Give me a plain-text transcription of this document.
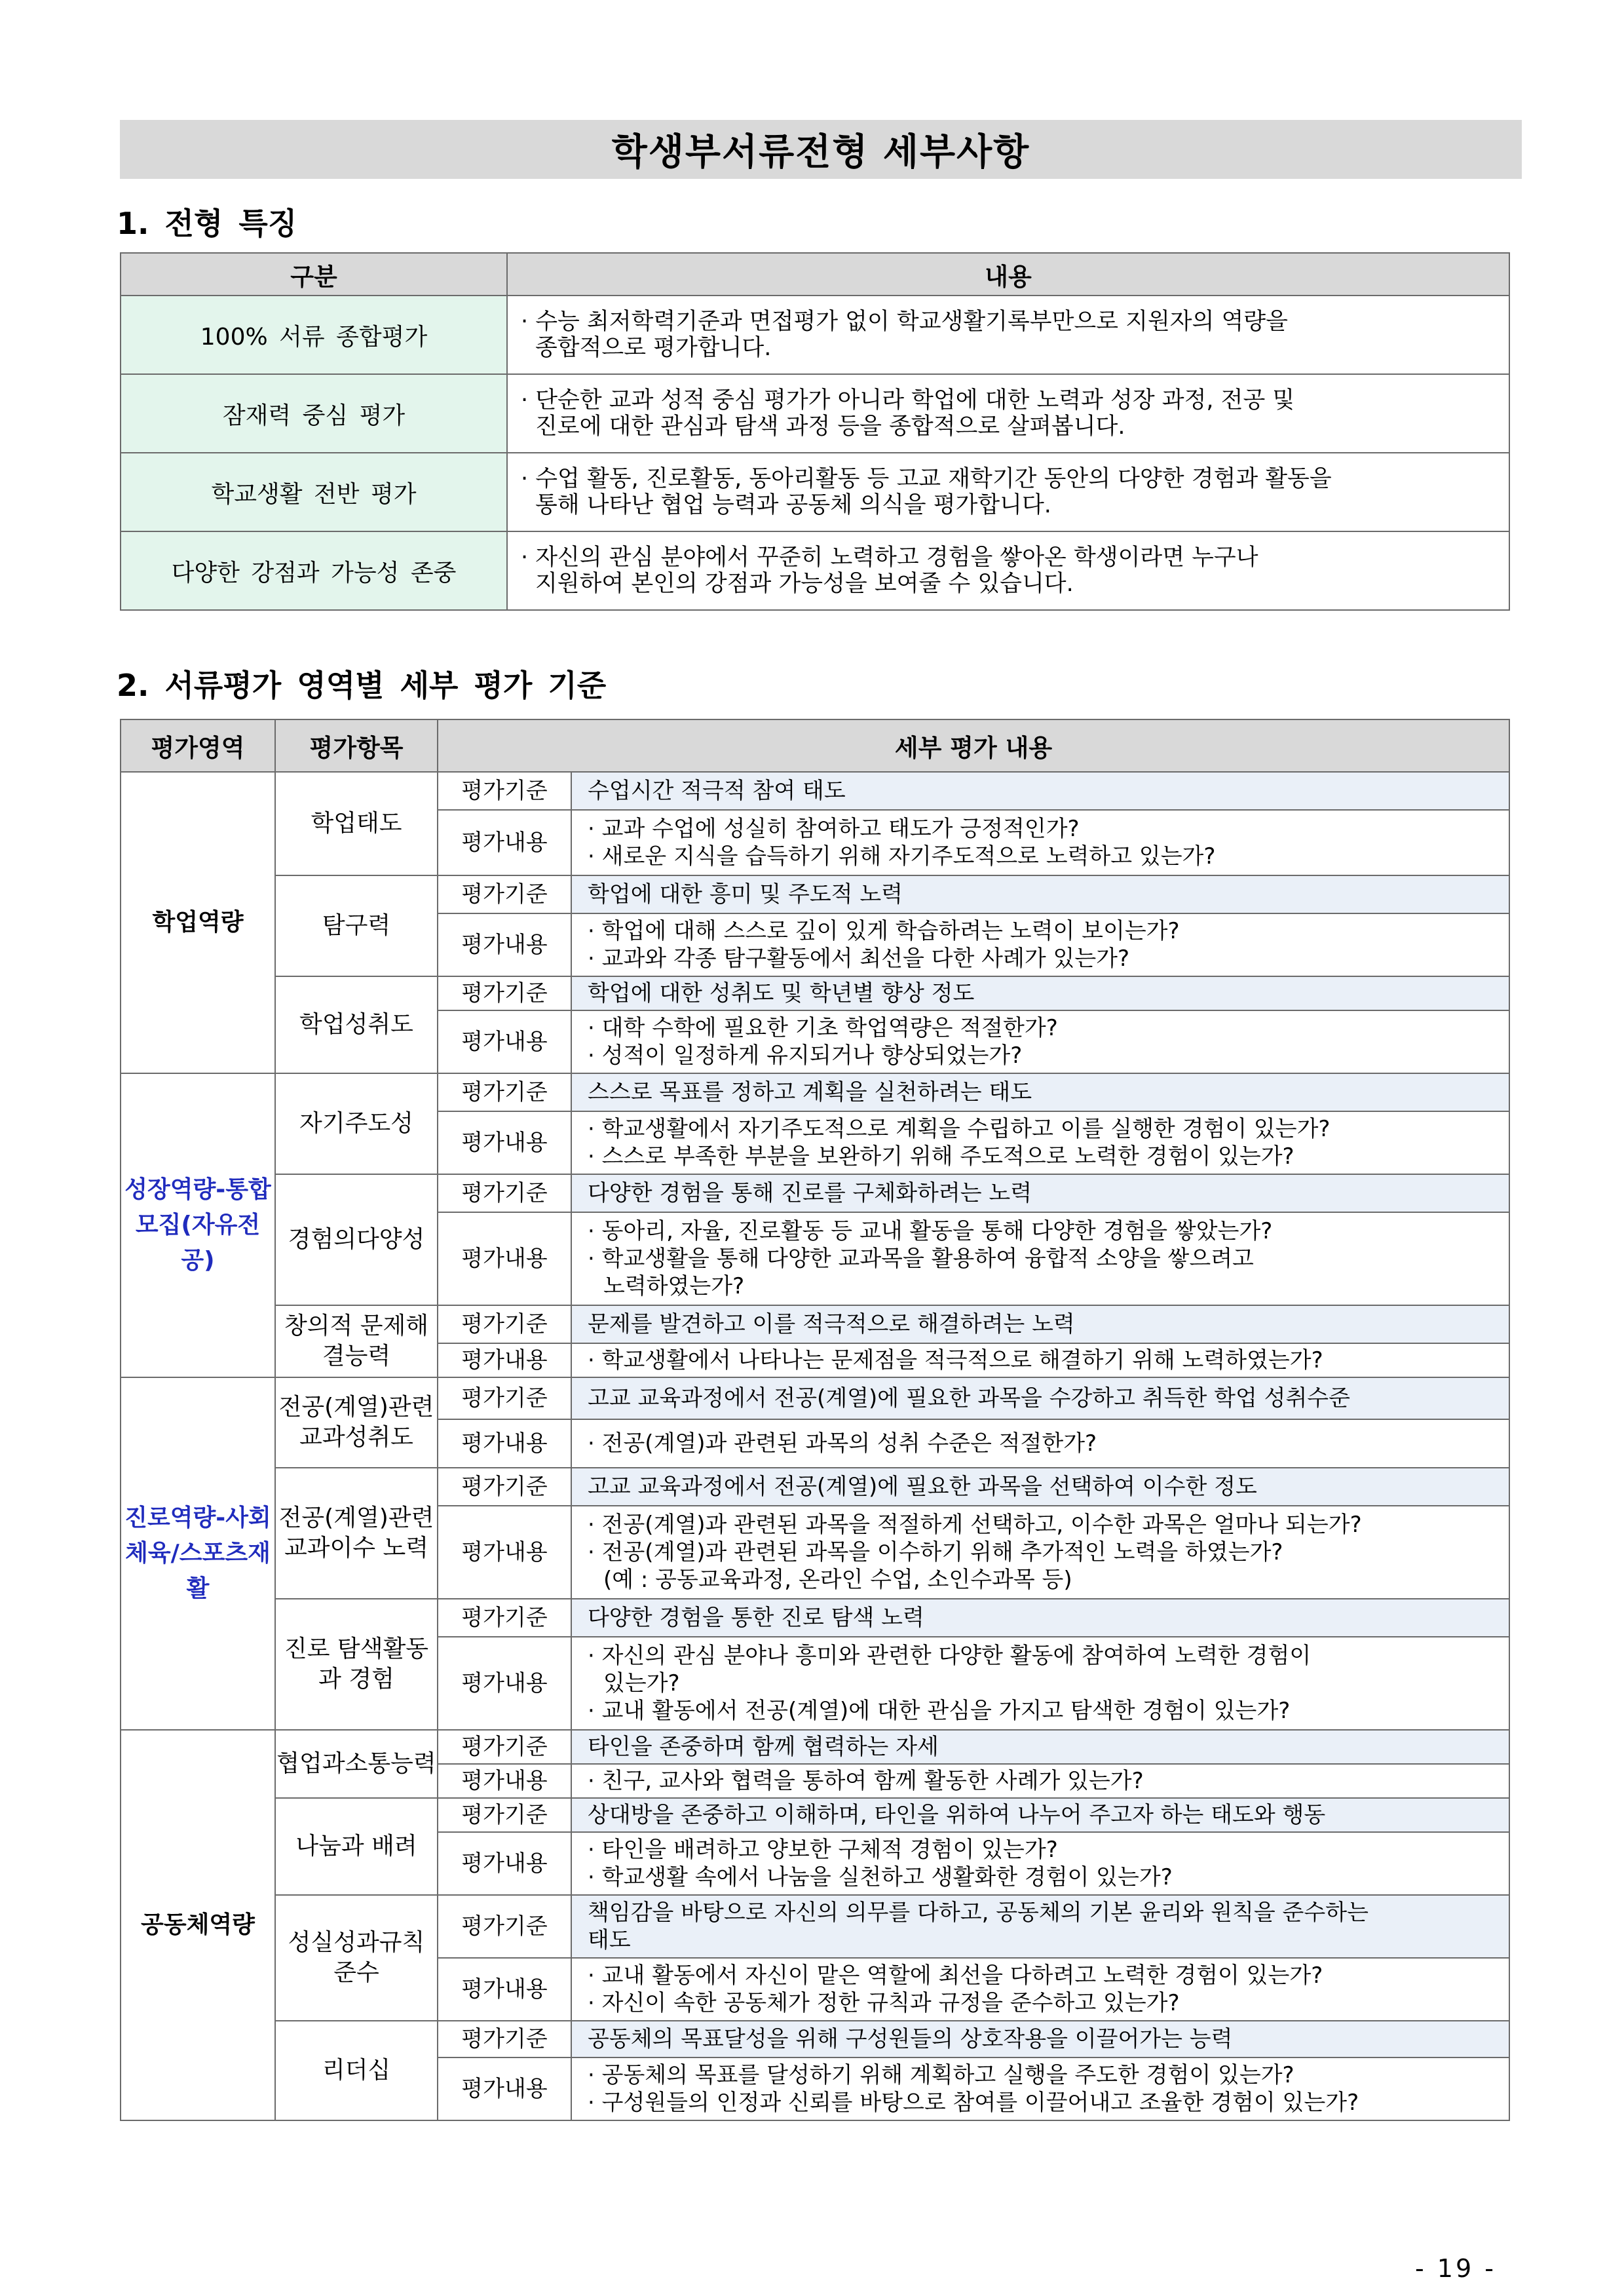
학생부서류전형 세부사항
1. 전형 특징
구분	내용
100% 서류 종합평가	· 수능 최저학력기준과 면접평가 없이 학교생활기록부만으로 지원자의 역량을
종합적으로 평가합니다.

잠재력 중심 평가	· 단순한 교과 성적 중심 평가가 아니라 학업에 대한 노력과 성장 과정, 전공 및
진로에 대한 관심과 탐색 과정 등을 종합적으로 살펴봅니다.

학교생활 전반 평가	· 수업 활동, 진로활동, 동아리활동 등 고교 재학기간 동안의 다양한 경험과 활동을
통해 나타난 협업 능력과 공동체 의식을 평가합니다.

다양한 강점과 가능성 존중	· 자신의 관심 분야에서 꾸준히 노력하고 경험을 쌓아온 학생이라면 누구나
지원하여 본인의 강점과 가능성을 보여줄 수 있습니다.
2. 서류평가 영역별 세부 평가 기준
평가영역	평가항목	세부 평가 내용	
학업역량	학업태도	평가기준	수업시간 적극적 참여 태도

		평가내용	· 교과 수업에 성실히 참여하고 태도가 긍정적인가?
· 새로운 지식을 습득하기 위해 자기주도적으로 노력하고 있는가?

	탐구력	평가기준	학업에 대한 흥미 및 주도적 노력

		평가내용	· 학업에 대해 스스로 깊이 있게 학습하려는 노력이 보이는가?
· 교과와 각종 탐구활동에서 최선을 다한 사례가 있는가?

	학업성취도	평가기준	학업에 대한 성취도 및 학년별 향상 정도

		평가내용	· 대학 수학에 필요한 기초 학업역량은 적절한가?
· 성적이 일정하게 유지되거나 향상되었는가?

성장역량-통합모집(자유전공)	자기주도성	평가기준	스스로 목표를 정하고 계획을 실천하려는 태도

		평가내용	· 학교생활에서 자기주도적으로 계획을 수립하고 이를 실행한 경험이 있는가?
· 스스로 부족한 부분을 보완하기 위해 주도적으로 노력한 경험이 있는가?

	경험의다양성	평가기준	다양한 경험을 통해 진로를 구체화하려는 노력

		평가내용	· 동아리, 자율, 진로활동 등 교내 활동을 통해 다양한 경험을 쌓았는가?
· 학교생활을 통해 다양한 교과목을 활용하여 융합적 소양을 쌓으려고
노력하였는가?

	창의적 문제해결능력	평가기준	문제를 발견하고 이를 적극적으로 해결하려는 노력

		평가내용	· 학교생활에서 나타나는 문제점을 적극적으로 해결하기 위해 노력하였는가?

진로역량-사회체육/스포츠재활	전공(계열)관련 교과성취도	평가기준	고교 교육과정에서 전공(계열)에 필요한 과목을 수강하고 취득한 학업 성취수준

		평가내용	· 전공(계열)과 관련된 과목의 성취 수준은 적절한가?

	전공(계열)관련 교과이수 노력	평가기준	고교 교육과정에서 전공(계열)에 필요한 과목을 선택하여 이수한 정도

		평가내용	· 전공(계열)과 관련된 과목을 적절하게 선택하고, 이수한 과목은 얼마나 되는가?
· 전공(계열)과 관련된 과목을 이수하기 위해 추가적인 노력을 하였는가?
(예 : 공동교육과정, 온라인 수업, 소인수과목 등)

	진로 탐색활동과 경험	평가기준	다양한 경험을 통한 진로 탐색 노력

		평가내용	· 자신의 관심 분야나 흥미와 관련한 다양한 활동에 참여하여 노력한 경험이
있는가?
· 교내 활동에서 전공(계열)에 대한 관심을 가지고 탐색한 경험이 있는가?

공동체역량	협업과소통능력	평가기준	타인을 존중하며 함께 협력하는 자세

		평가내용	· 친구, 교사와 협력을 통하여 함께 활동한 사례가 있는가?

	나눔과 배려	평가기준	상대방을 존중하고 이해하며, 타인을 위하여 나누어 주고자 하는 태도와 행동

		평가내용	· 타인을 배려하고 양보한 구체적 경험이 있는가?
· 학교생활 속에서 나눔을 실천하고 생활화한 경험이 있는가?

	성실성과규칙 준수	평가기준	책임감을 바탕으로 자신의 의무를 다하고, 공동체의 기본 윤리와 원칙을 준수하는
태도

		평가내용	· 교내 활동에서 자신이 맡은 역할에 최선을 다하려고 노력한 경험이 있는가?
· 자신이 속한 공동체가 정한 규칙과 규정을 준수하고 있는가?

	리더십	평가기준	공동체의 목표달성을 위해 구성원들의 상호작용을 이끌어가는 능력

		평가내용	· 공동체의 목표를 달성하기 위해 계획하고 실행을 주도한 경험이 있는가?
· 구성원들의 인정과 신뢰를 바탕으로 참여를 이끌어내고 조율한 경험이 있는가?
- 19 -
